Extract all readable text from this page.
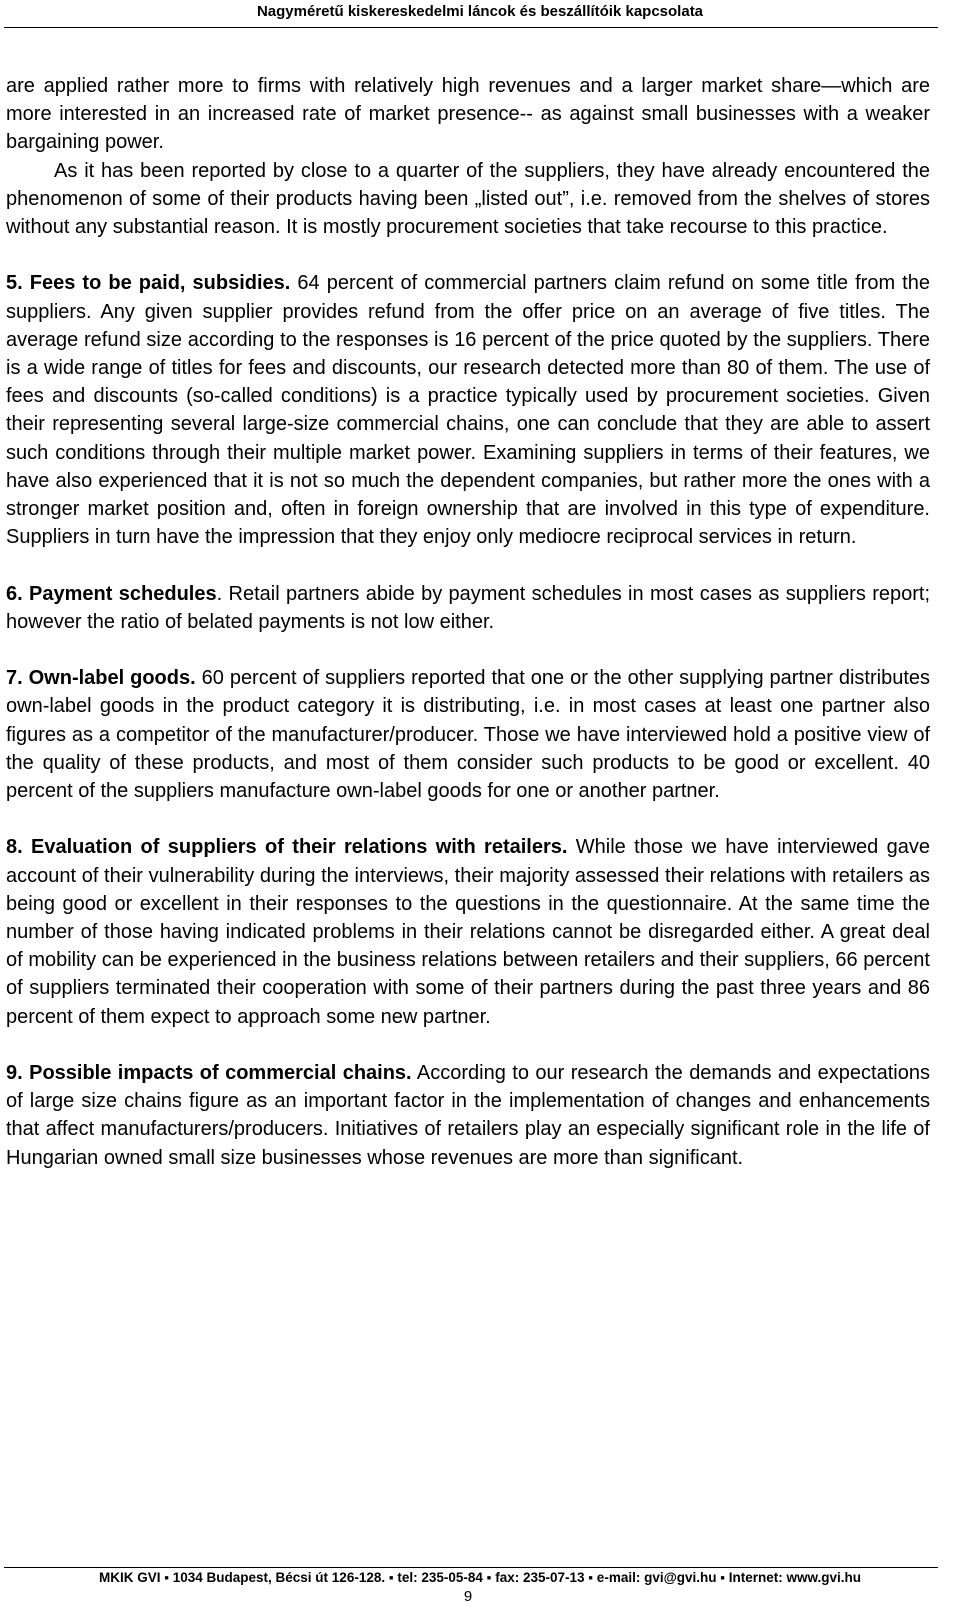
Nagyméretű kiskereskedelmi láncok és beszállítóik kapcsolata

are applied rather more to firms with relatively high revenues and a larger market share—which are more interested in an increased rate of market presence-- as against small businesses with a weaker bargaining power.

As it has been reported by close to a quarter of the suppliers, they have already encountered the phenomenon of some of their products having been „listed out”, i.e. removed from the shelves of stores without any substantial reason. It is mostly procurement societies that take recourse to this practice.

5. Fees to be paid, subsidies. 64 percent of commercial partners claim refund on some title from the suppliers. Any given supplier provides refund from the offer price on an average of five titles. The average refund size according to the responses is 16 percent of the price quoted by the suppliers. There is a wide range of titles for fees and discounts, our research detected more than 80 of them. The use of fees and discounts (so-called conditions) is a practice typically used by procurement societies. Given their representing several large-size commercial chains, one can conclude that they are able to assert such conditions through their multiple market power. Examining suppliers in terms of their features, we have also experienced that it is not so much the dependent companies, but rather more the ones with a stronger market position and, often in foreign ownership that are involved in this type of expenditure. Suppliers in turn have the impression that they enjoy only mediocre reciprocal services in return.

6. Payment schedules. Retail partners abide by payment schedules in most cases as suppliers report; however the ratio of belated payments is not low either.

7. Own-label goods. 60 percent of suppliers reported that one or the other supplying partner distributes own-label goods in the product category it is distributing, i.e. in most cases at least one partner also figures as a competitor of the manufacturer/producer. Those we have interviewed hold a positive view of the quality of these products, and most of them consider such products to be good or excellent. 40 percent of the suppliers manufacture own-label goods for one or another partner.

8. Evaluation of suppliers of their relations with retailers. While those we have interviewed gave account of their vulnerability during the interviews, their majority assessed their relations with retailers as being good or excellent in their responses to the questions in the questionnaire. At the same time the number of those having indicated problems in their relations cannot be disregarded either. A great deal of mobility can be experienced in the business relations between retailers and their suppliers, 66 percent of suppliers terminated their cooperation with some of their partners during the past three years and 86 percent of them expect to approach some new partner.

9. Possible impacts of commercial chains. According to our research the demands and expectations of large size chains figure as an important factor in the implementation of changes and enhancements that affect manufacturers/producers. Initiatives of retailers play an especially significant role in the life of Hungarian owned small size businesses whose revenues are more than significant.

MKIK GVI ▪ 1034 Budapest, Bécsi út 126-128. ▪ tel: 235-05-84 ▪ fax: 235-07-13 ▪ e-mail: gvi@gvi.hu ▪ Internet: www.gvi.hu
9
